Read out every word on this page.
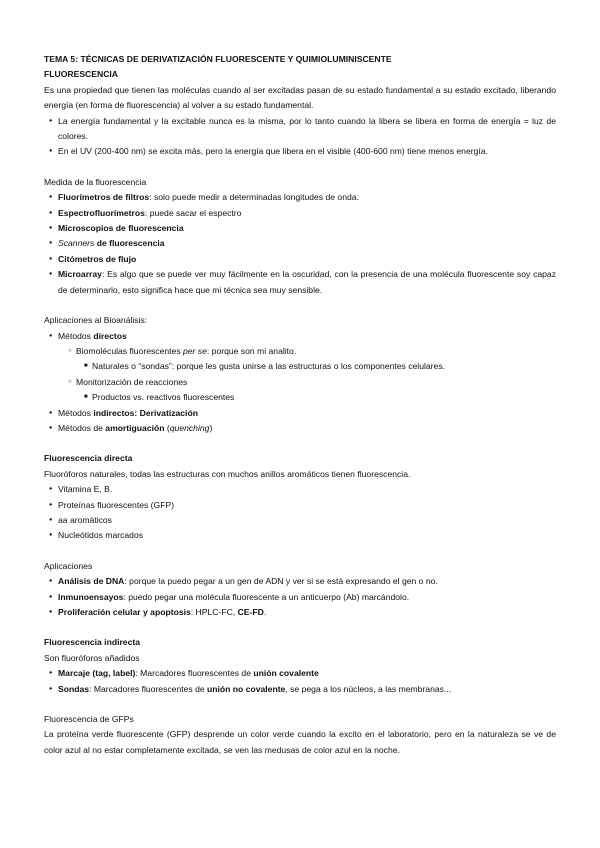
TEMA 5: TÉCNICAS DE DERIVATIZACIÓN FLUORESCENTE Y QUIMIOLUMINISCENTE
FLUORESCENCIA
Es una propiedad que tienen las moléculas cuando al ser excitadas pasan de su estado fundamental a su estado excitado, liberando energía (en forma de fluorescencia) al volver a su estado fundamental.
● La energía fundamental y la excitable nunca es la misma, por lo tanto cuando la libera se libera en forma de energía = luz de colores.
● En el UV (200-400 nm) se excita más, pero la energía que libera en el visible (400-600 nm) tiene menos energía.
Medida de la fluorescencia
● Fluorímetros de filtros: solo puede medir a determinadas longitudes de onda.
● Espectrofluorímetros: puede sacar el espectro
● Microscopios de fluorescencia
● Scanners de fluorescencia
● Citómetros de flujo
● Microarray: Es algo que se puede ver muy fácilmente en la oscuridad, con la presencia de una molécula fluorescente soy capaz de determinarlo, esto significa hace que mi técnica sea muy sensible.
Aplicaciones al Bioanálisis:
● Métodos directos
○ Biomoléculas fluorescentes per se: porque son mi analito.
■ Naturales o “sondas”: porque les gusta unirse a las estructuras o los componentes celulares.
○ Monitorización de reacciones
■ Productos vs. reactivos fluorescentes
● Métodos indirectos: Derivatización
● Métodos de amortiguación (quenching)
Fluorescencia directa
Fluoróforos naturales, todas las estructuras con muchos anillos aromáticos tienen fluorescencia.
● Vitamina E, B.
● Proteínas fluorescentes (GFP)
● aa aromáticos
● Nucleótidos marcados
Aplicaciones
● Análisis de DNA: porque la puedo pegar a un gen de ADN y ver si se está expresando el gen o no.
● Inmunoensayos: puedo pegar una molécula fluorescente a un anticuerpo (Ab) marcándolo.
● Proliferación celular y apoptosis: HPLC-FC, CE-FD.
Fluorescencia indirecta
Son fluoróforos añadidos
● Marcaje (tag, label): Marcadores fluorescentes de unión covalente
● Sondas: Marcadores fluorescentes de unión no covalente, se pega a los núcleos, a las membranas...
Fluorescencia de GFPs
La proteína verde fluorescente (GFP) desprende un color verde cuando la excito en el laboratorio, pero en la naturaleza se ve de color azul al no estar completamente excitada, se ven las medusas de color azul en la noche.
